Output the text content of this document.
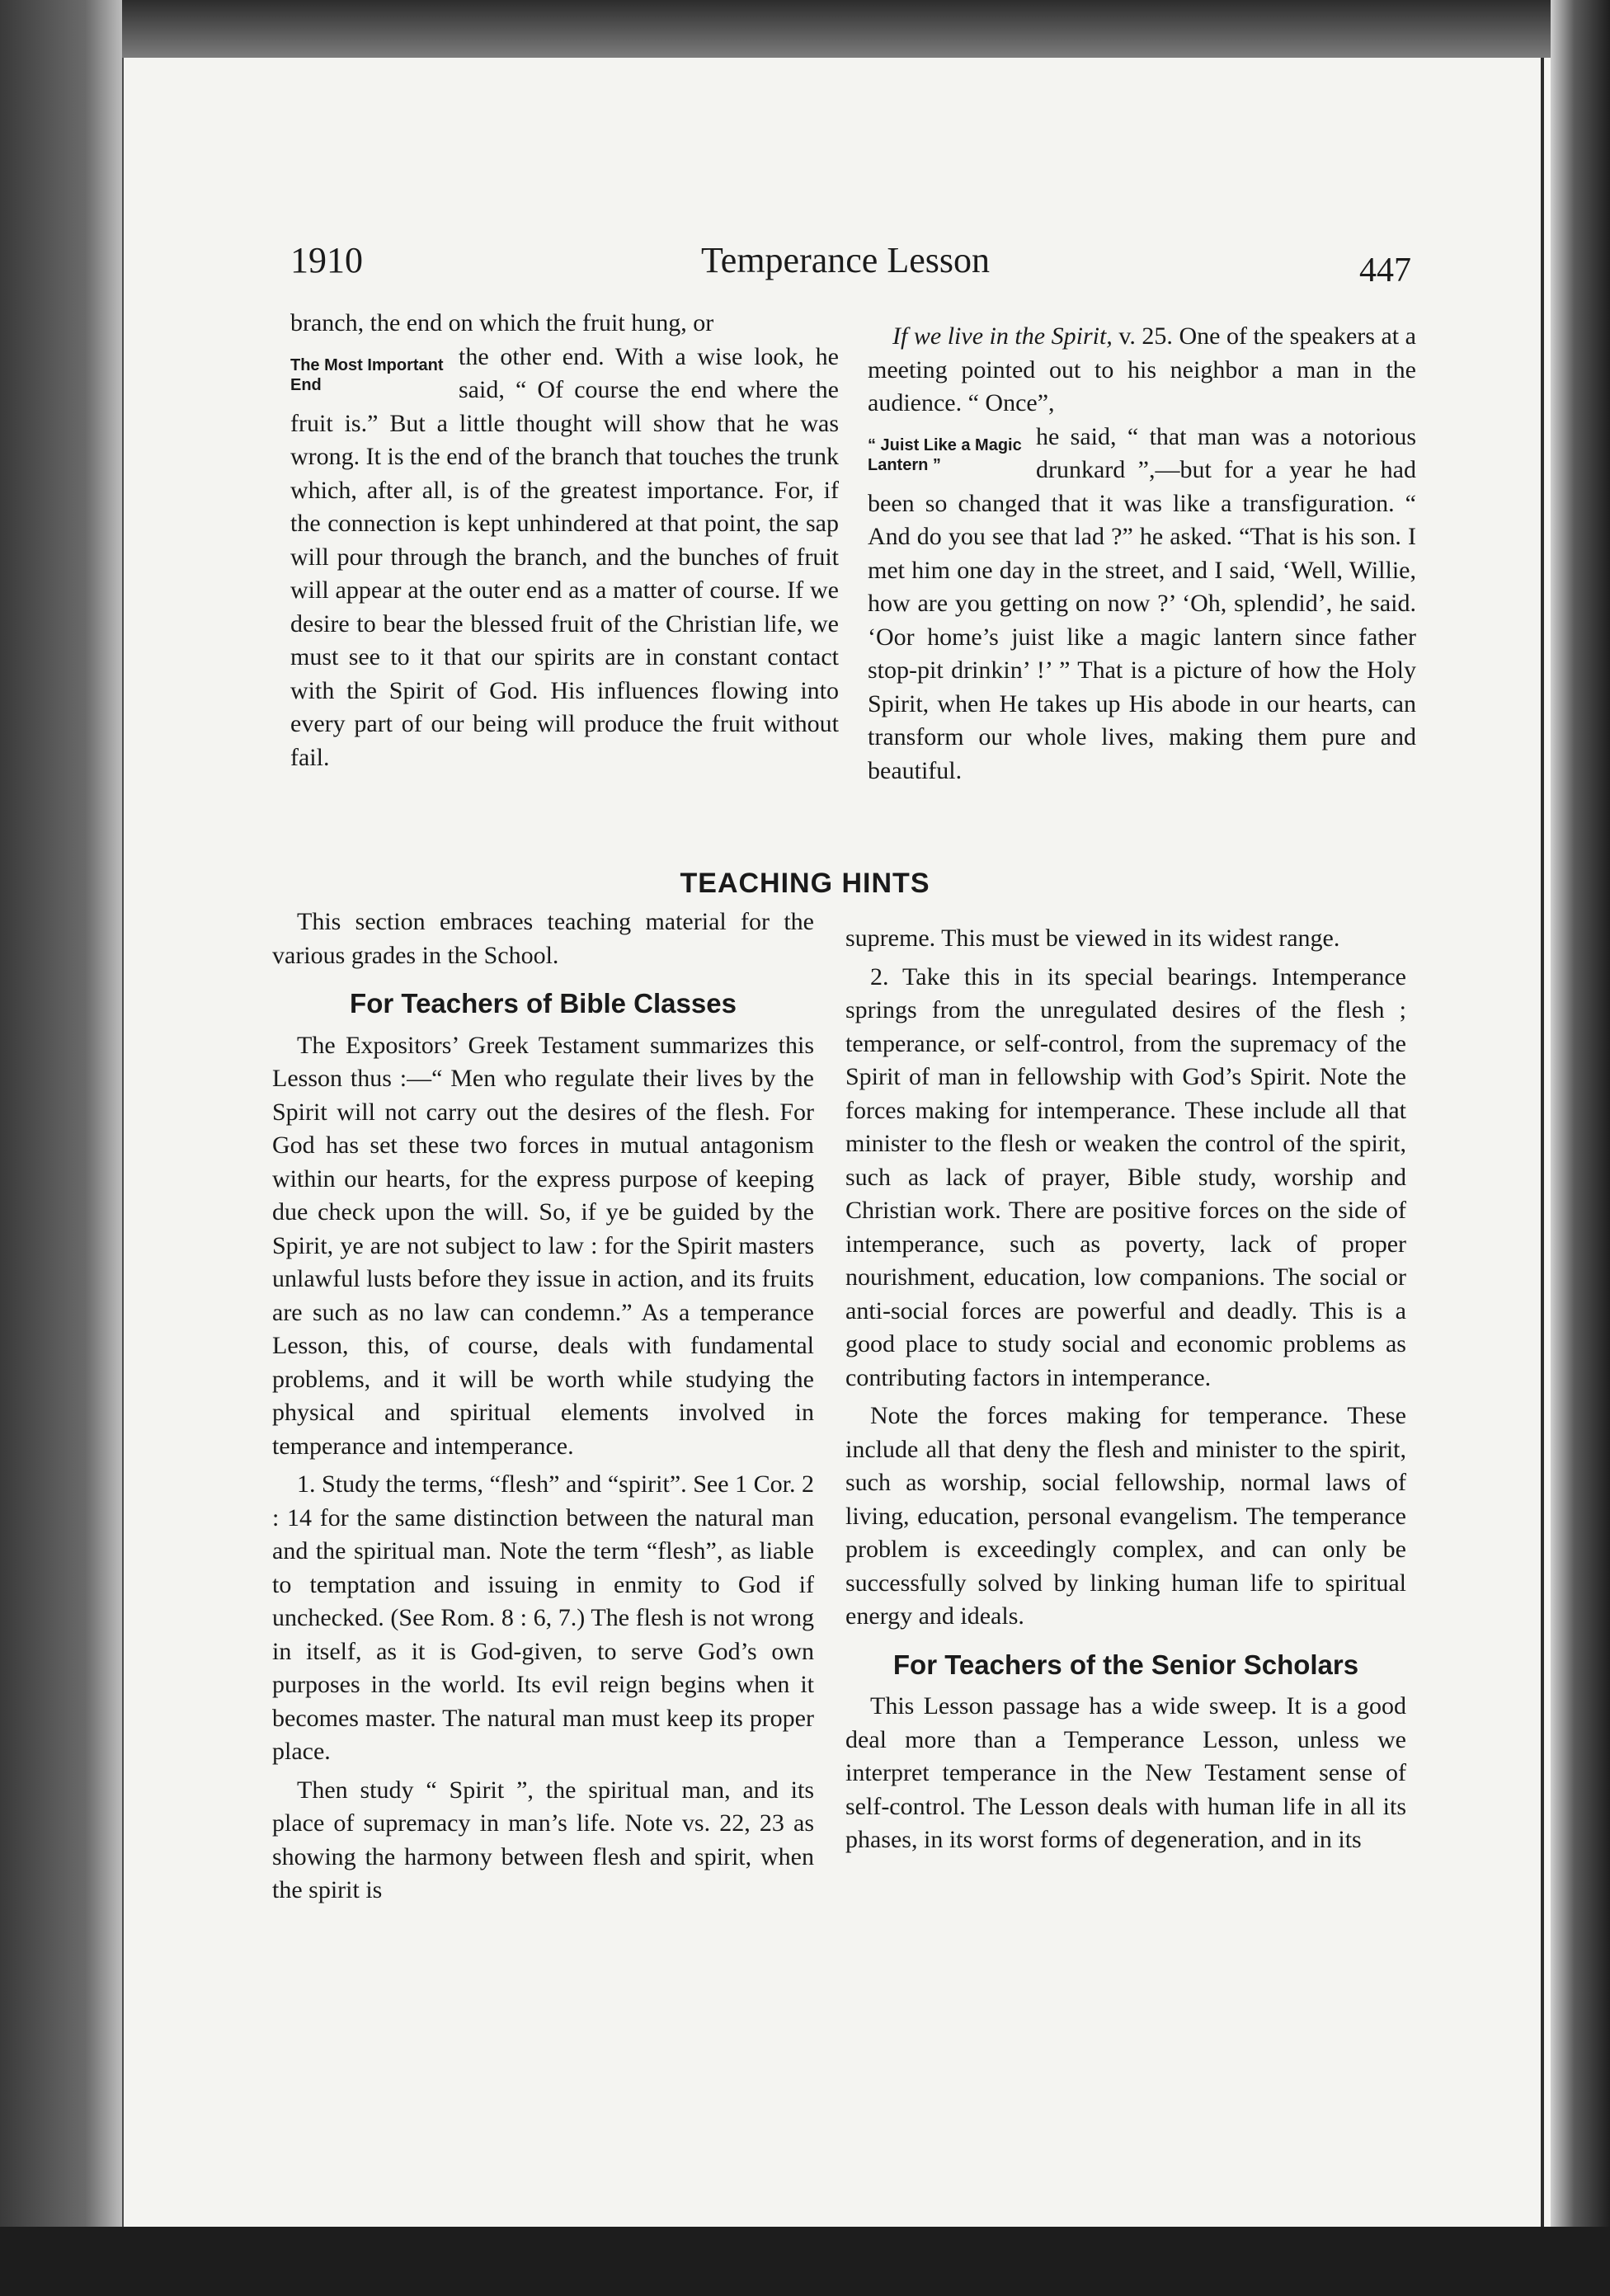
1910	Temperance Lesson	447

branch, the end on which the fruit hung, or

The Most Important End

the other end. With a wise look, he said, “ Of course the end where the fruit is.” But a little thought will show that he was wrong. It is the end of the branch that touches the trunk which, after all, is of the greatest importance. For, if the connection is kept unhindered at that point, the sap will pour through the branch, and the bunches of fruit will appear at the outer end as a matter of course. If we desire to bear the blessed fruit of the Christian life, we must see to it that our spirits are in constant contact with the Spirit of God. His influences flowing into every part of our being will produce the fruit without fail.

If we live in the Spirit, v. 25. One of the speakers at a meeting pointed out to his neighbor a man in the audience. “ Once”,

“ Juist Like a Magic Lantern ”

he said, “ that man was a notorious drunkard ”,—but for a year he had been so changed that it was like a transfiguration. “ And do you see that lad ?” he asked. “That is his son. I met him one day in the street, and I said, ‘Well, Willie, how are you getting on now ?’ ‘Oh, splendid’, he said. ‘Oor home’s juist like a magic lantern since father stop-pit drinkin’ !’ ” That is a picture of how the Holy Spirit, when He takes up His abode in our hearts, can transform our whole lives, making them pure and beautiful.

TEACHING HINTS

This section embraces teaching material for the various grades in the School.

For Teachers of Bible Classes

The Expositors’ Greek Testament summarizes this Lesson thus :—“ Men who regulate their lives by the Spirit will not carry out the desires of the flesh. For God has set these two forces in mutual antagonism within our hearts, for the express purpose of keeping due check upon the will. So, if ye be guided by the Spirit, ye are not subject to law : for the Spirit masters unlawful lusts before they issue in action, and its fruits are such as no law can condemn.” As a temperance Lesson, this, of course, deals with fundamental problems, and it will be worth while studying the physical and spiritual elements involved in temperance and intemperance.

1. Study the terms, “flesh” and “spirit”. See 1 Cor. 2 : 14 for the same distinction between the natural man and the spiritual man. Note the term “flesh”, as liable to temptation and issuing in enmity to God if unchecked. (See Rom. 8 : 6, 7.) The flesh is not wrong in itself, as it is God-given, to serve God’s own purposes in the world. Its evil reign begins when it becomes master. The natural man must keep its proper place.

Then study “ Spirit ”, the spiritual man, and its place of supremacy in man’s life. Note vs. 22, 23 as showing the harmony between flesh and spirit, when the spirit is

supreme. This must be viewed in its widest range.

2. Take this in its special bearings. Intemperance springs from the unregulated desires of the flesh ; temperance, or self-control, from the supremacy of the Spirit of man in fellowship with God’s Spirit. Note the forces making for intemperance. These include all that minister to the flesh or weaken the control of the spirit, such as lack of prayer, Bible study, worship and Christian work. There are positive forces on the side of intemperance, such as poverty, lack of proper nourishment, education, low companions. The social or anti-social forces are powerful and deadly. This is a good place to study social and economic problems as contributing factors in intemperance.

Note the forces making for temperance. These include all that deny the flesh and minister to the spirit, such as worship, social fellowship, normal laws of living, education, personal evangelism. The temperance problem is exceedingly complex, and can only be successfully solved by linking human life to spiritual energy and ideals.

For Teachers of the Senior Scholars

This Lesson passage has a wide sweep. It is a good deal more than a Temperance Lesson, unless we interpret temperance in the New Testament sense of self-control. The Lesson deals with human life in all its phases, in its worst forms of degeneration, and in its
